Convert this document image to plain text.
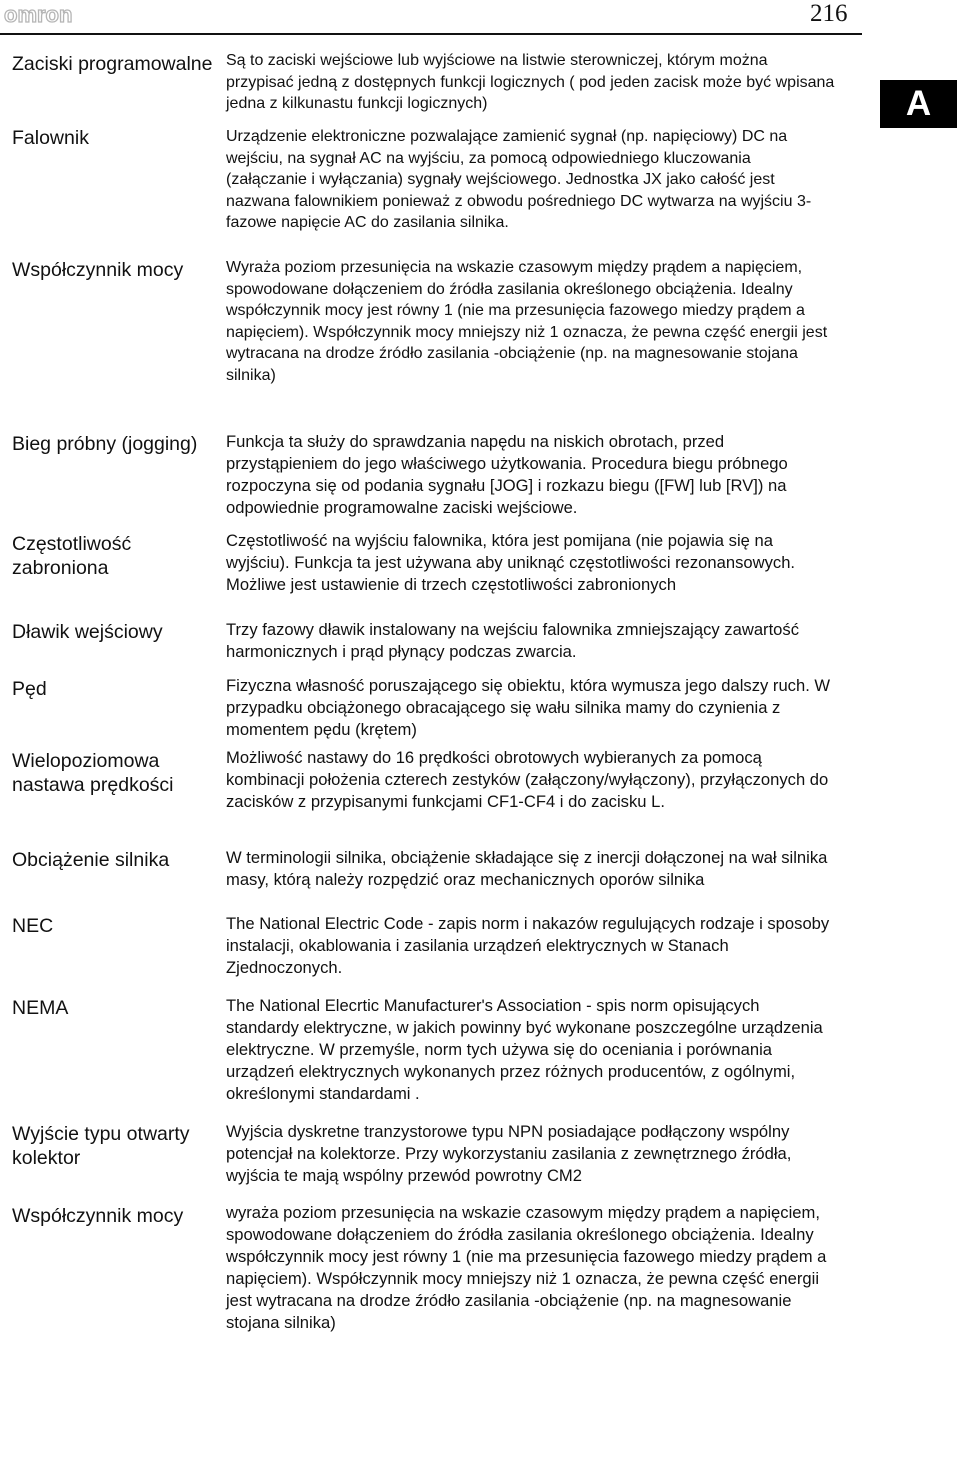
omron	216
A
Zaciski programowalne
Falownik
Współczynnik mocy
Bieg próbny (jogging)
Częstotliwość zabroniona
Dławik wejściowy
Pęd
Wielopoziomowa nastawa prędkości
Obciążenie silnika
NEC
NEMA
Wyjście typu otwarty kolektor
Współczynnik mocy

Są to zaciski wejściowe lub wyjściowe na listwie sterowniczej, którym można przypisać jedną z dostępnych funkcji logicznych ( pod jeden zacisk może być wpisana jedna z kilkunastu funkcji logicznych)

Urządzenie elektroniczne pozwalające zamienić sygnał (np. napięciowy) DC na wejściu, na sygnał AC na wyjściu, za pomocą odpowiedniego kluczowania (załączanie i wyłączania) sygnały wejściowego. Jednostka JX jako całość jest nazwana falownikiem ponieważ z obwodu pośredniego DC wytwarza na wyjściu 3-fazowe napięcie AC do zasilania silnika.

Wyraża poziom przesunięcia na wskazie czasowym między prądem a napięciem, spowodowane dołączeniem do źródła zasilania określonego obciążenia. Idealny współczynnik mocy jest równy 1 (nie ma przesunięcia fazowego miedzy prądem a napięciem). Współczynnik mocy mniejszy niż 1 oznacza, że pewna część energii jest wytracana na drodze źródło zasilania -obciążenie (np. na magnesowanie stojana silnika)

Funkcja ta służy do sprawdzania napędu na niskich obrotach, przed przystąpieniem do jego właściwego użytkowania. Procedura biegu próbnego rozpoczyna się od podania sygnału [JOG] i rozkazu biegu ([FW] lub [RV]) na odpowiednie programowalne zaciski wejściowe.

Częstotliwość na wyjściu falownika, która jest pomijana (nie pojawia się na wyjściu). Funkcja ta jest używana aby uniknąć częstotliwości rezonansowych. Możliwe jest ustawienie di trzech częstotliwości zabronionych

Trzy fazowy dławik instalowany na wejściu falownika zmniejszający zawartość harmonicznych i prąd płynący podczas zwarcia.

Fizyczna własność poruszającego się obiektu, która wymusza jego dalszy ruch. W przypadku obciążonego obracającego się wału silnika mamy do czynienia z momentem pędu (krętem)

Możliwość nastawy do 16 prędkości obrotowych wybieranych za pomocą kombinacji położenia czterech zestyków (załączony/wyłączony), przyłączonych do zacisków z przypisanymi funkcjami CF1-CF4 i do zacisku L.

W terminologii silnika, obciążenie składające się z inercji dołączonej na wał silnika masy, którą należy rozpędzić oraz mechanicznych oporów silnika

The National Electric Code - zapis norm i nakazów regulujących rodzaje i sposoby instalacji, okablowania i zasilania urządzeń elektrycznych w Stanach Zjednoczonych.

The National Elecrtic Manufacturer's Association - spis norm opisujących standardy elektryczne, w jakich powinny być wykonane poszczególne urządzenia elektryczne. W przemyśle, norm tych używa się do oceniania i porównania urządzeń elektrycznych wykonanych przez różnych producentów, z ogólnymi, określonymi standardami .

Wyjścia dyskretne tranzystorowe typu NPN posiadające podłączony wspólny potencjał na kolektorze. Przy wykorzystaniu zasilania z zewnętrznego źródła, wyjścia te mają wspólny przewód powrotny CM2

wyraża poziom przesunięcia na wskazie czasowym między prądem a napięciem, spowodowane dołączeniem do źródła zasilania określonego obciążenia. Idealny współczynnik mocy jest równy 1 (nie ma przesunięcia fazowego miedzy prądem a napięciem). Współczynnik mocy mniejszy niż 1 oznacza, że pewna część energii jest wytracana na drodze źródło zasilania -obciążenie (np. na magnesowanie stojana silnika)
